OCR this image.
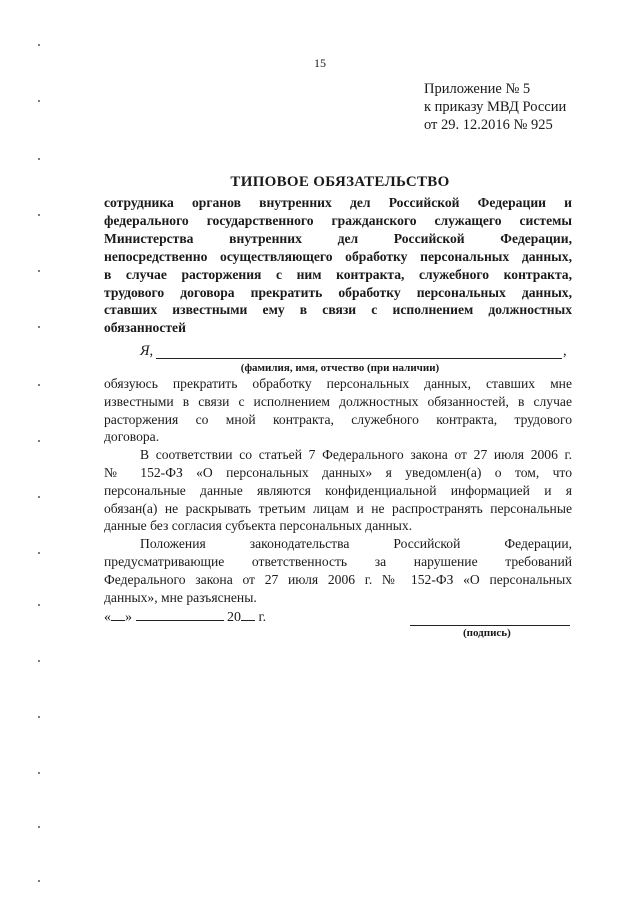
15
Приложение № 5
к приказу МВД России
от 29. 12.2016 № 925
ТИПОВОЕ ОБЯЗАТЕЛЬСТВО
сотрудника органов внутренних дел Российской Федерации и
федерального государственного гражданского служащего системы
Министерства внутренних дел Российской Федерации,
непосредственно осуществляющего обработку персональных данных,
в случае расторжения с ним контракта, служебного контракта,
трудового договора прекратить обработку персональных данных,
ставших известными ему в связи с исполнением должностных
обязанностей
Я,	,
(фамилия, имя, отчество (при наличии)
обязуюсь прекратить обработку персональных данных, ставших мне
известными в связи с исполнением должностных обязанностей, в случае
расторжения со мной контракта, служебного контракта, трудового
договора.
В соответствии со статьей 7 Федерального закона от 27 июля 2006 г.
№ 152-ФЗ «О персональных данных» я уведомлен(а) о том, что
персональные данные являются конфиденциальной информацией и я
обязан(а) не раскрывать третьим лицам и не распространять персональные
данные без согласия субъекта персональных данных.
Положения законодательства Российской Федерации,
предусматривающие ответственность за нарушение требований
Федерального закона от 27 июля 2006 г. № 152-ФЗ «О персональных
данных», мне разъяснены.
« »	20 г.
(подпись)
